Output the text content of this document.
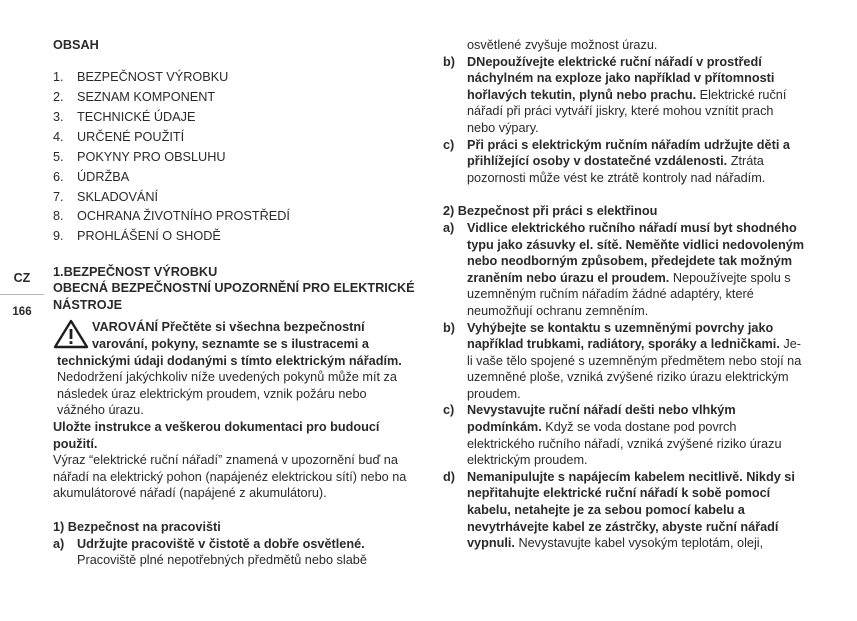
CZ
166
OBSAH
1.	BEZPEČNOST VÝROBKU
2.	SEZNAM KOMPONENT
3.	TECHNICKÉ ÚDAJE
4.	URČENÉ POUŽITÍ
5.	POKYNY PRO OBSLUHU
6.	ÚDRŽBA
7.	SKLADOVÁNÍ
8.	OCHRANA ŽIVOTNÍHO PROSTŘEDÍ
9.	PROHLÁŠENÍ O SHODĚ
1.BEZPEČNOST VÝROBKU
OBECNÁ BEZPEČNOSTNÍ UPOZORNĚNÍ PRO ELEKTRICKÉ NÁSTROJE

VAROVÁNÍ Přečtěte si všechna bezpečnostní varování, pokyny, seznamte se s ilustracemi a technickými údaji dodanými s tímto elektrickým nářadím. Nedodržení jakýchkoliv níže uvedených pokynů může mít za následek úraz elektrickým proudem, vznik požáru nebo vážného úrazu.

Uložte instrukce a veškerou dokumentaci pro budoucí použití.

Výraz “elektrické ruční nářadí” znamená v upozornění buď na nářadí na elektrický pohon (napájenéz elektrickou sítí) nebo na akumulátorové nářadí (napájené z akumulátoru).

1) Bezpečnost na pracovišti
a)	Udržujte pracoviště v čistotě a dobře osvětlené. Pracoviště plné nepotřebných předmětů nebo slabě
osvětlené zvyšuje možnost úrazu.
b) DNepoužívejte elektrické ruční nářadí v prostředí náchylném na exploze jako například v přítomnosti hořlavých tekutin, plynů nebo prachu. Elektrické ruční nářadí při práci vytváří jiskry, které mohou vznítit prach nebo výpary.
c)	Při práci s elektrickým ručním nářadím udržujte děti a přihlížející osoby v dostatečné vzdálenosti. Ztráta pozornosti může vést ke ztrátě kontroly nad nářadím.
2) Bezpečnost při práci s elektřinou
a)	Vidlice elektrického ručního nářadí musí byt shodného typu jako zásuvky el. sítě. Neměňte vidlici nedovoleným nebo neodborným způsobem, předejdete tak možným zraněním nebo úrazu el proudem. Nepoužívejte spolu s uzemněným ručním nářadím žádné adaptéry, které neumožňují ochranu zemněním.
b) Vyhýbejte se kontaktu s uzemněnými povrchy jako například trubkami, radiátory, sporáky a ledničkami. Je-li vaše tělo spojené s uzemněným předmětem nebo stojí na uzemněné ploše, vzniká zvýšené riziko úrazu elektrickým proudem.
c)	Nevystavujte ruční nářadí dešti nebo vlhkým podmínkám. Když se voda dostane pod povrch elektrického ručního nářadí, vzniká zvýšené riziko úrazu elektrickým proudem.
d) Nemanipulujte s napájecím kabelem necitlivě. Nikdy si nepřitahujte elektrické ruční nářadí k sobě pomocí kabelu, netahejte je za sebou pomocí kabelu a nevytrhávejte kabel ze zástrčky, abyste ruční nářadí vypnuli. Nevystavujte kabel vysokým teplotám, oleji,
